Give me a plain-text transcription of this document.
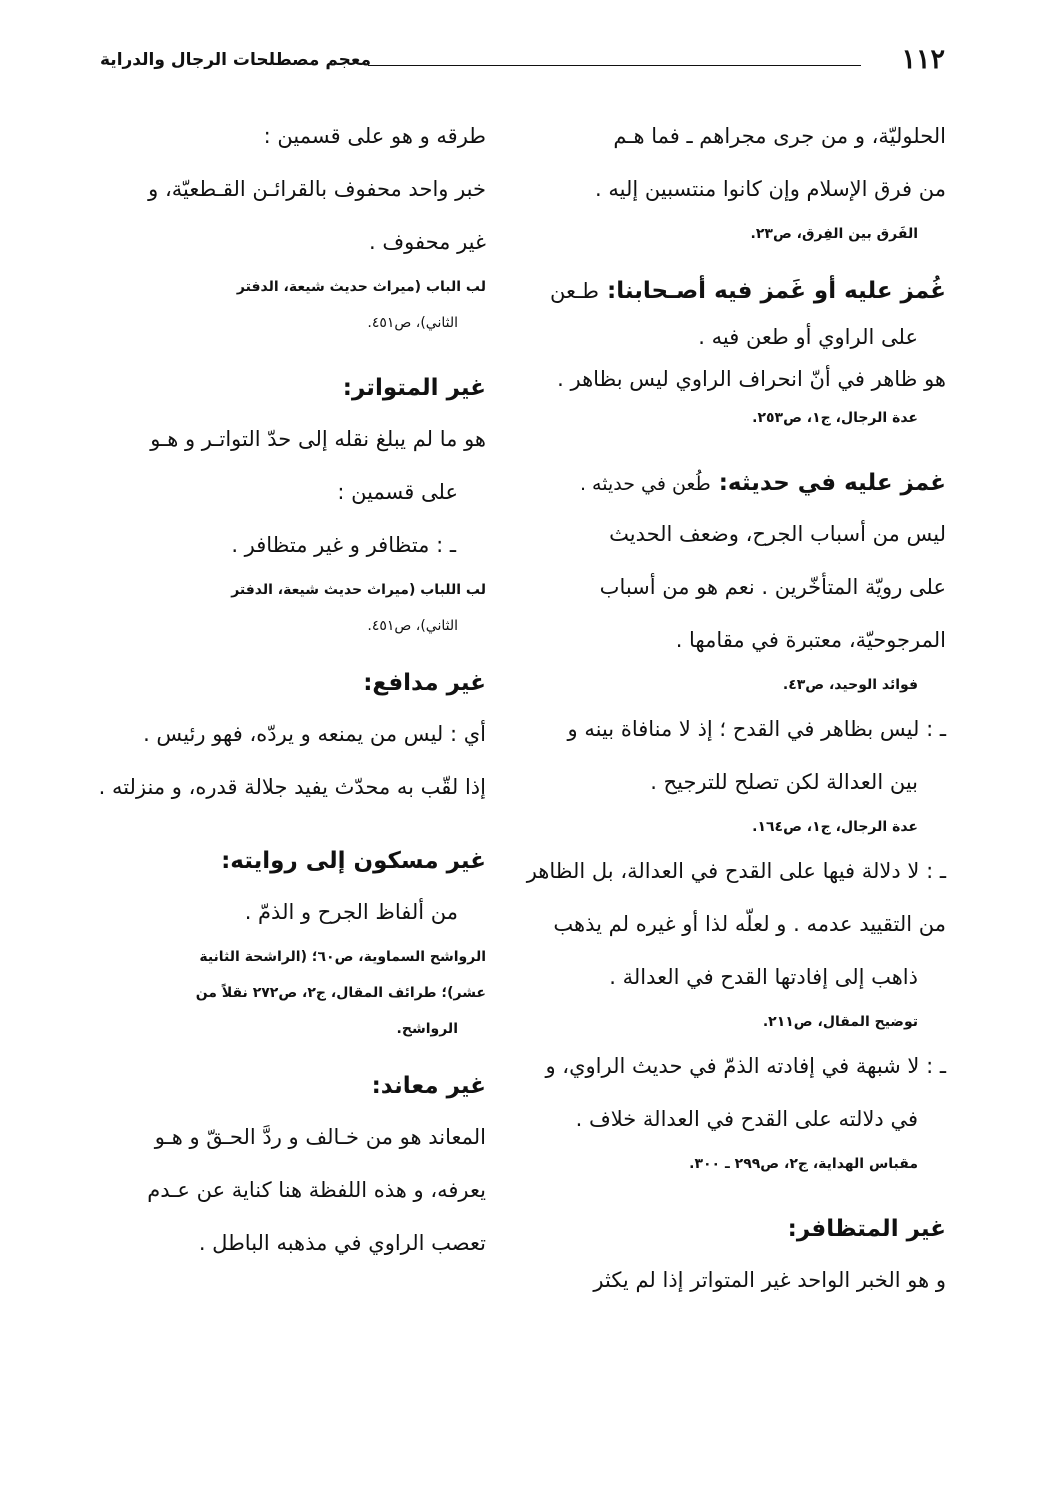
١١٢
معجم مصطلحات الرجال والدراية
الحلوليّة، و من جرى مجراهم ـ فما هـم
من فرق الإسلام وإن كانوا منتسبين إليه .
الفَرق بين الفِرق، ص٢٣.
غُمز عليه أو غَمز فيه أصـحابنا: طـعن
على الراوي أو طعن فيه .
هو ظاهر في أنّ انحراف الراوي ليس بظاهر .
عدة الرجال، ج١، ص٢٥٣.
غمز عليه في حديثه: طُعن في حديثه .
ليس من أسباب الجرح، وضعف الحديث
على رويّة المتأخّرين . نعم هو من أسباب
المرجوحيّة، معتبرة في مقامها .
فوائد الوحيد، ص٤٣.
ـ : ليس بظاهر في القدح ؛ إذ لا منافاة بينه و
بين العدالة لكن تصلح للترجيح .
عدة الرجال، ج١، ص١٦٤.
ـ : لا دلالة فيها على القدح في العدالة، بل الظاهر
من التقييد عدمه . و لعلّه لذا أو غيره لم يذهب
ذاهب إلى إفادتها القدح في العدالة .
توضيح المقال، ص٢١١.
ـ : لا شبهة في إفادته الذمّ في حديث الراوي، و
في دلالته على القدح في العدالة خلاف .
مقباس الهداية، ج٢، ص٢٩٩ ـ ٣٠٠.
غير المتظافر:
و هو الخبر الواحد غير المتواتر إذا لم يكثر
طرقه و هو على قسمين :
خبر واحد محفوف بالقرائـن القـطعيّة، و
غير محفوف .
لب الباب (ميراث حديث شيعة، الدفتر
الثاني)، ص٤٥١.
غير المتواتر:
هو ما لم يبلغ نقله إلى حدّ التواتـر و هـو
على قسمين :
ـ : متظافر و غير متظافر .
لب اللباب (ميراث حديث شيعة، الدفتر
الثاني)، ص٤٥١.
غير مدافع:
أي : ليس من يمنعه و يردّه، فهو رئيس .
إذا لقّب به محدّث يفيد جلالة قدره، و منزلته .
غير مسكون إلى روايته:
من ألفاظ الجرح و الذمّ .
الرواشح السماوية، ص٦٠؛ (الراشحة الثانية
عشر)؛ طرائف المقال، ج٢، ص٢٧٢ نقلاً من
الرواشح.
غير معاند:
المعاند هو من خـالف و ردَّ الحـقّ و هـو
يعرفه، و هذه اللفظة هنا كناية عن عـدم
تعصب الراوي في مذهبه الباطل .
